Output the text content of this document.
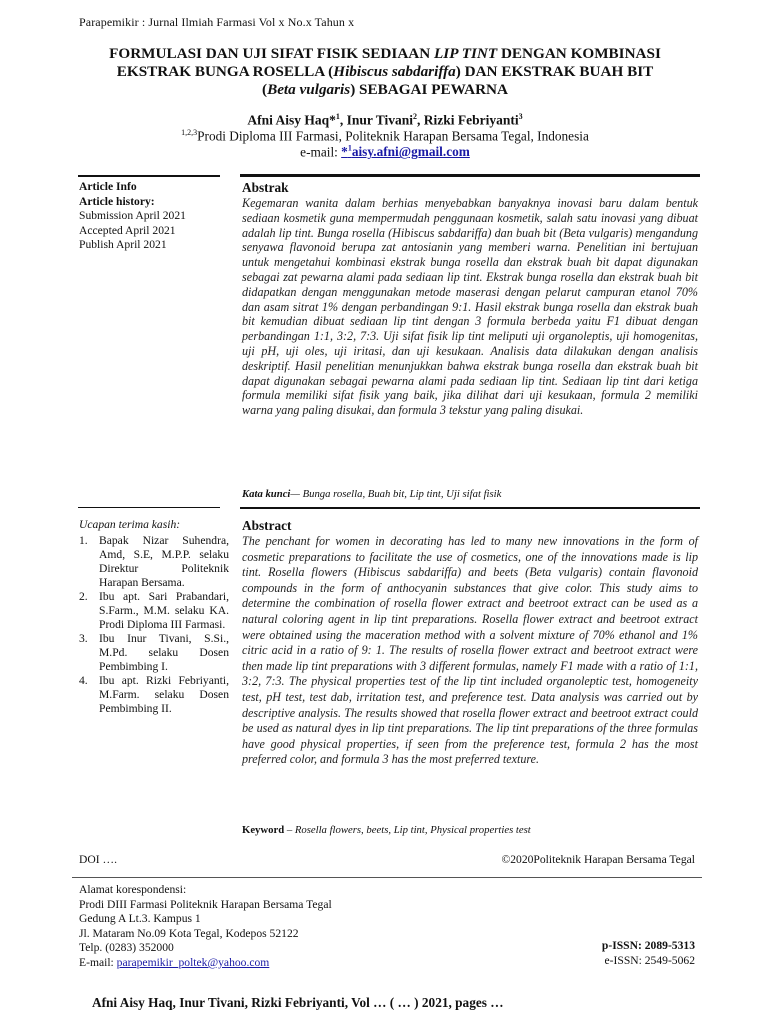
Parapemikir : Jurnal Ilmiah Farmasi Vol x No.x Tahun x
FORMULASI DAN UJI SIFAT FISIK SEDIAAN LIP TINT DENGAN KOMBINASI
EKSTRAK BUNGA ROSELLA (Hibiscus sabdariffa) DAN EKSTRAK BUAH BIT
(Beta vulgaris) SEBAGAI PEWARNA
Afni Aisy Haq*$^1$, Inur Tivani$^2$, Rizki Febriyanti$^3$
$^{1,2,3}$Prodi Diploma III Farmasi, Politeknik Harapan Bersama Tegal, Indonesia
e-mail: *$^1$aisy.afni@gmail.com
Article Info
Article history:
Submission April 2021
Accepted April 2021
Publish April 2021
Abstrak
Kegemaran wanita dalam berhias menyebabkan banyaknya inovasi baru dalam bentuk sediaan kosmetik guna mempermudah penggunaan kosmetik, salah satu inovasi yang dibuat adalah lip tint. Bunga rosella (Hibiscus sabdariffa) dan buah bit (Beta vulgaris) mengandung senyawa flavonoid berupa zat antosianin yang memberi warna. Penelitian ini bertujuan untuk mengetahui kombinasi ekstrak bunga rosella dan ekstrak buah bit dapat digunakan sebagai zat pewarna alami pada sediaan lip tint. Ekstrak bunga rosella dan ekstrak buah bit didapatkan dengan menggunakan metode maserasi dengan pelarut campuran etanol 70% dan asam sitrat 1% dengan perbandingan 9:1. Hasil ekstrak bunga rosella dan ekstrak buah bit kemudian dibuat sediaan lip tint dengan 3 formula berbeda yaitu F1 dibuat dengan perbandingan 1:1, 3:2, 7:3. Uji sifat fisik lip tint meliputi uji organoleptis, uji homogenitas, uji pH, uji oles, uji iritasi, dan uji kesukaan. Analisis data dilakukan dengan analisis deskriptif. Hasil penelitian menunjukkan bahwa ekstrak bunga rosella dan ekstrak buah bit dapat digunakan sebagai pewarna alami pada sediaan lip tint. Sediaan lip tint dari ketiga formula memiliki sifat fisik yang baik, jika dilihat dari uji kesukaan, formula 2 memiliki warna yang paling disukai, dan formula 3 tekstur yang paling disukai.
Kata kunci— Bunga rosella, Buah bit, Lip tint, Uji sifat fisik
Ucapan terima kasih:
1. Bapak Nizar Suhendra, Amd, S.E, M.P.P. selaku Direktur Politeknik Harapan Bersama.
2. Ibu apt. Sari Prabandari, S.Farm., M.M. selaku KA. Prodi Diploma III Farmasi.
3. Ibu Inur Tivani, S.Si., M.Pd. selaku Dosen Pembimbing I.
4. Ibu apt. Rizki Febriyanti, M.Farm. selaku Dosen Pembimbing II.
Abstract
The penchant for women in decorating has led to many new innovations in the form of cosmetic preparations to facilitate the use of cosmetics, one of the innovations made is lip tint. Rosella flowers (Hibiscus sabdariffa) and beets (Beta vulgaris) contain flavonoid compounds in the form of anthocyanin substances that give color. This study aims to determine the combination of rosella flower extract and beetroot extract can be used as a natural coloring agent in lip tint preparations. Rosella flower extract and beetroot extract were obtained using the maceration method with a solvent mixture of 70% ethanol and 1% citric acid in a ratio of 9: 1. The results of rosella flower extract and beetroot extract were then made lip tint preparations with 3 different formulas, namely F1 made with a ratio of 1:1, 3:2, 7:3. The physical properties test of the lip tint included organoleptic test, homogeneity test, pH test, test dab, irritation test, and preference test. Data analysis was carried out by descriptive analysis. The results showed that rosella flower extract and beetroot extract could be used as natural dyes in lip tint preparations. The lip tint preparations of the three formulas have good physical properties, if seen from the preference test, formula 2 has the most preferred color, and formula 3 has the most preferred texture.
Keyword – Rosella flowers, beets, Lip tint, Physical properties test
DOI ….	©2020Politeknik Harapan Bersama Tegal
Alamat korespondensi:
Prodi DIII Farmasi Politeknik Harapan Bersama Tegal
Gedung A Lt.3. Kampus 1
Jl. Mataram No.09 Kota Tegal, Kodepos 52122
Telp. (0283) 352000
E-mail: parapemikir_poltek@yahoo.com
p-ISSN: 2089-5313
e-ISSN: 2549-5062
Afni Aisy Haq, Inur Tivani, Rizki Febriyanti, Vol … ( … ) 2021, pages …
